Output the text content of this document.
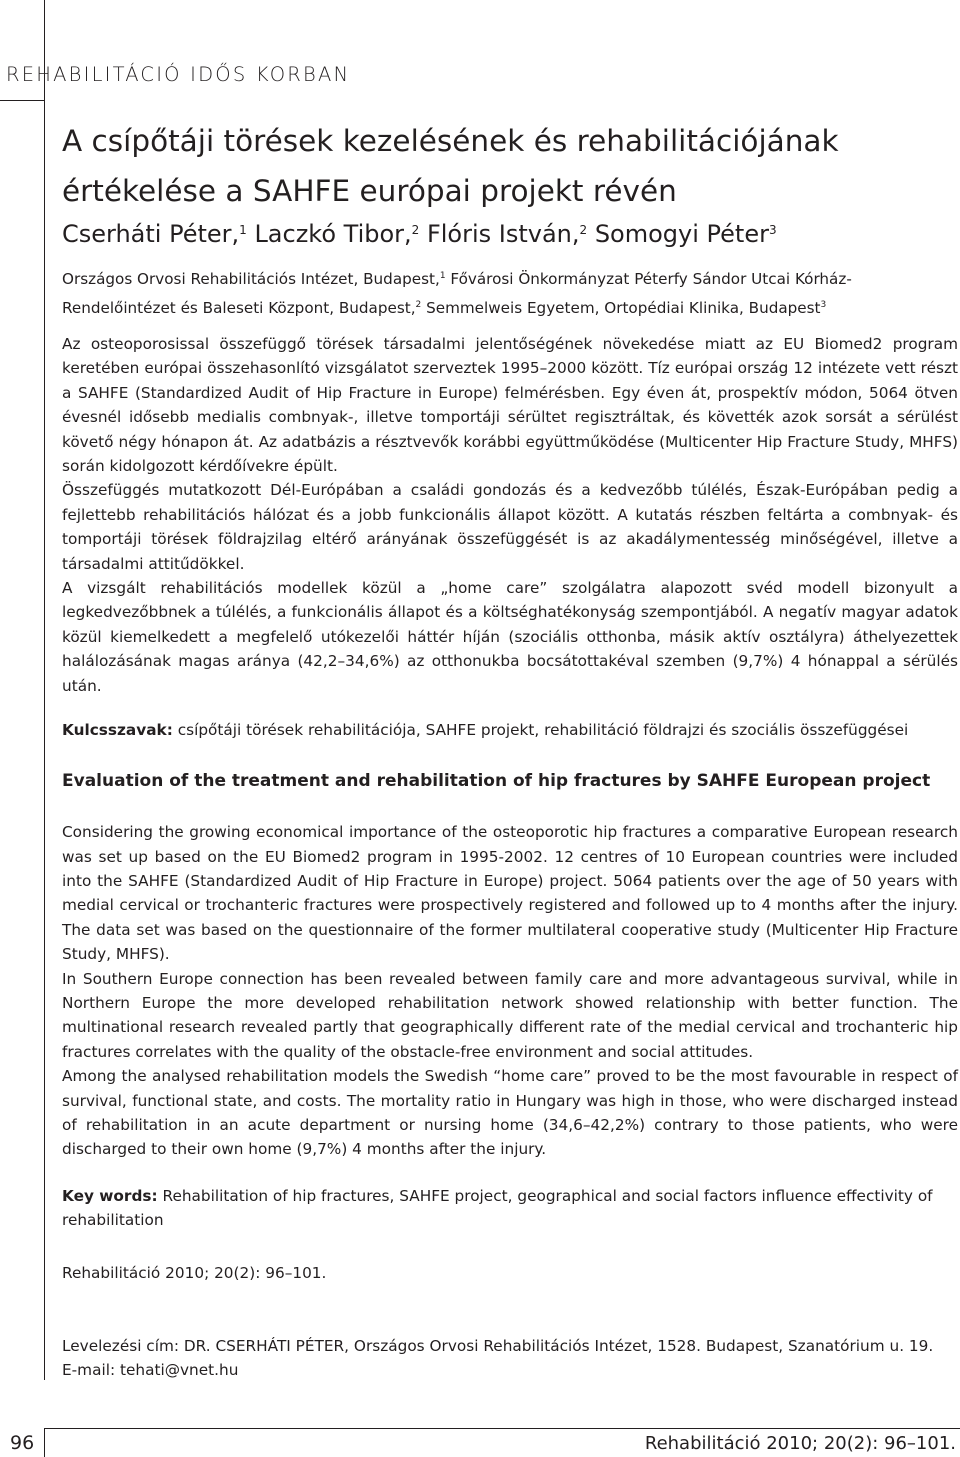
REHABILITÁCIÓ IDŐS KORBAN
A csípőtáji törések kezelésének és rehabilitációjának
értékelése a SAHFE európai projekt révén
Cserháti Péter,$^1$ Laczkó Tibor,$^2$ Flóris István,$^2$ Somogyi Péter$^3$
Országos Orvosi Rehabilitációs Intézet, Budapest,$^1$ Fővárosi Önkormányzat Péterfy Sándor Utcai Kórház-Rendelőintézet és Baleseti Központ, Budapest,$^2$ Semmelweis Egyetem, Ortopédiai Klinika, Budapest$^3$

Az osteoporosissal összefüggő törések társadalmi jelentőségének növekedése miatt az EU Biomed2 program keretében európai összehasonlító vizsgálatot szerveztek 1995–2000 között. Tíz európai ország 12 intézete vett részt a SAHFE (Standardized Audit of Hip Fracture in Europe) felmérésben. Egy éven át, prospektív módon, 5064 ötven évesnél idősebb medialis combnyak-, illetve tomportáji sérültet regisztráltak, és követték azok sorsát a sérülést követő négy hónapon át. Az adatbázis a résztvevők korábbi együttműködése (Multicenter Hip Fracture Study, MHFS) során kidolgozott kérdőívekre épült.

Összefüggés mutatkozott Dél-Európában a családi gondozás és a kedvezőbb túlélés, Észak-Európában pedig a fejlettebb rehabilitációs hálózat és a jobb funkcionális állapot között. A kutatás részben feltárta a combnyak- és tomportáji törések földrajzilag eltérő arányának összefüggését is az akadálymentesség minőségével, illetve a társadalmi attitűdökkel.

A vizsgált rehabilitációs modellek közül a „home care” szolgálatra alapozott svéd modell bizonyult a legkedvezőbbnek a túlélés, a funkcionális állapot és a költséghatékonyság szempontjából. A negatív magyar adatok közül kiemelkedett a megfelelő utókezelői háttér híján (szociális otthonba, másik aktív osztályra) áthelyezettek halálozásának magas aránya (42,2–34,6%) az otthonukba bocsátottakéval szemben (9,7%) 4 hónappal a sérülés után.

Kulcsszavak: csípőtáji törések rehabilitációja, SAHFE projekt, rehabilitáció földrajzi és szociális összefüggései
Evaluation of the treatment and rehabilitation of hip fractures by SAHFE European project

Considering the growing economical importance of the osteoporotic hip fractures a comparative European research was set up based on the EU Biomed2 program in 1995-2002. 12 centres of 10 European countries were included into the SAHFE (Standardized Audit of Hip Fracture in Europe) project. 5064 patients over the age of 50 years with medial cervical or trochanteric fractures were prospectively registered and followed up to 4 months after the injury. The data set was based on the questionnaire of the former multilateral cooperative study (Multicenter Hip Fracture Study, MHFS).

In Southern Europe connection has been revealed between family care and more advantageous survival, while in Northern Europe the more developed rehabilitation network showed relationship with better function. The multinational research revealed partly that geographically different rate of the medial cervical and trochanteric hip fractures correlates with the quality of the obstacle-free environment and social attitudes.

Among the analysed rehabilitation models the Swedish “home care” proved to be the most favourable in respect of survival, functional state, and costs. The mortality ratio in Hungary was high in those, who were discharged instead of rehabilitation in an acute department or nursing home (34,6–42,2%) contrary to those patients, who were discharged to their own home (9,7%) 4 months after the injury.

Key words: Rehabilitation of hip fractures, SAHFE project, geographical and social factors influence effectivity of rehabilitation
Rehabilitáció 2010; 20(2): 96–101.
Levelezési cím: DR. CSERHÁTI PÉTER, Országos Orvosi Rehabilitációs Intézet, 1528. Budapest, Szanatórium u. 19.
E-mail: tehati@vnet.hu
96	Rehabilitáció 2010; 20(2): 96–101.
